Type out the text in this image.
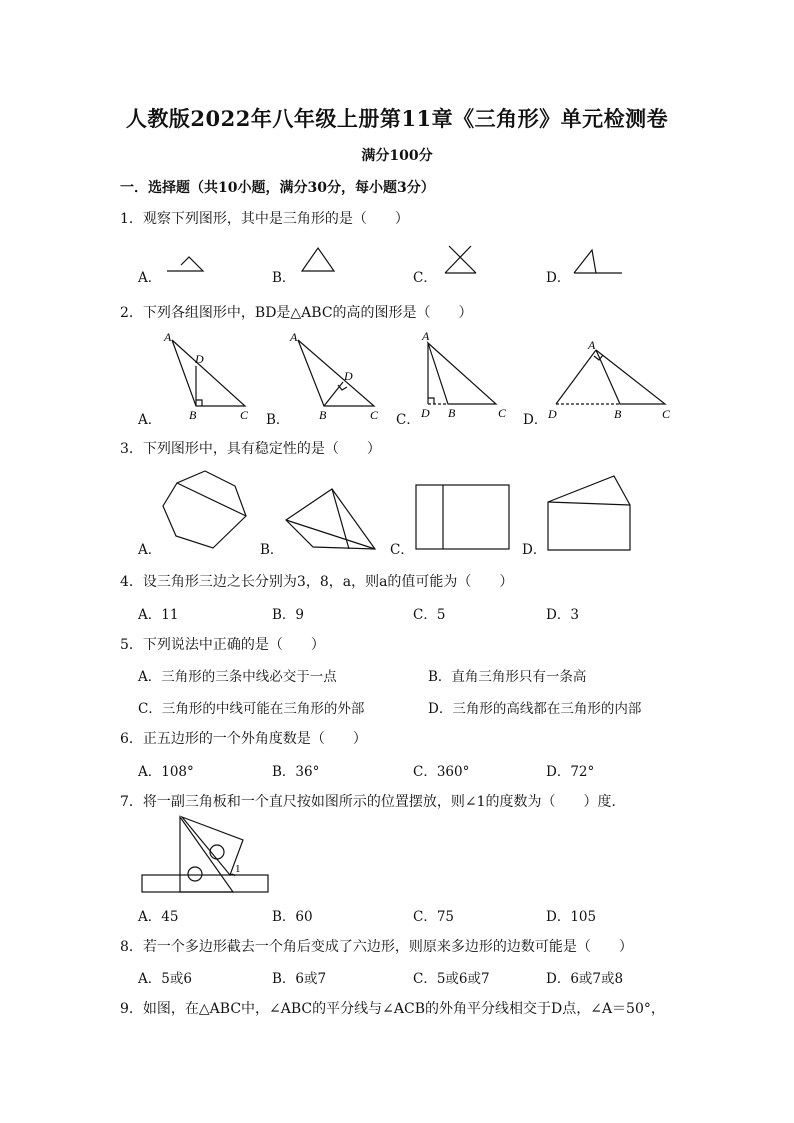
人教版2022年八年级上册第11章《三角形》单元检测卷
满分100分
一．选择题（共10小题，满分30分，每小题3分）
1．观察下列图形，其中是三角形的是（　　）
A．	B．	C．	D．
2．下列各组图形中，BD是△ABC的高的图形是（　　）
A．
A
D
B	C B．
A
D
B	C C．
A
D B	C D．
A
D	B	C
3．下列图形中，具有稳定性的是（　　）
A．	B．	C．	D．
4．设三角形三边之长分别为3，8，a，则a的值可能为（　　）
A．11	B．9	C．5	D．3
5．下列说法中正确的是（　　）
A．三角形的三条中线必交于一点	B．直角三角形只有一条高
C．三角形的中线可能在三角形的外部	D．三角形的高线都在三角形的内部
6．正五边形的一个外角度数是（　　）
A．108°	B．36°	C．360°	D．72°
7．将一副三角板和一个直尺按如图所示的位置摆放，则∠1的度数为（　　）度．
1
A．45	B．60	C．75	D．105
8．若一个多边形截去一个角后变成了六边形，则原来多边形的边数可能是（　　）
A．5或6	B．6或7	C．5或6或7	D．6或7或8
9．如图，在△ABC中，∠ABC的平分线与∠ACB的外角平分线相交于D点，∠A＝50°，
